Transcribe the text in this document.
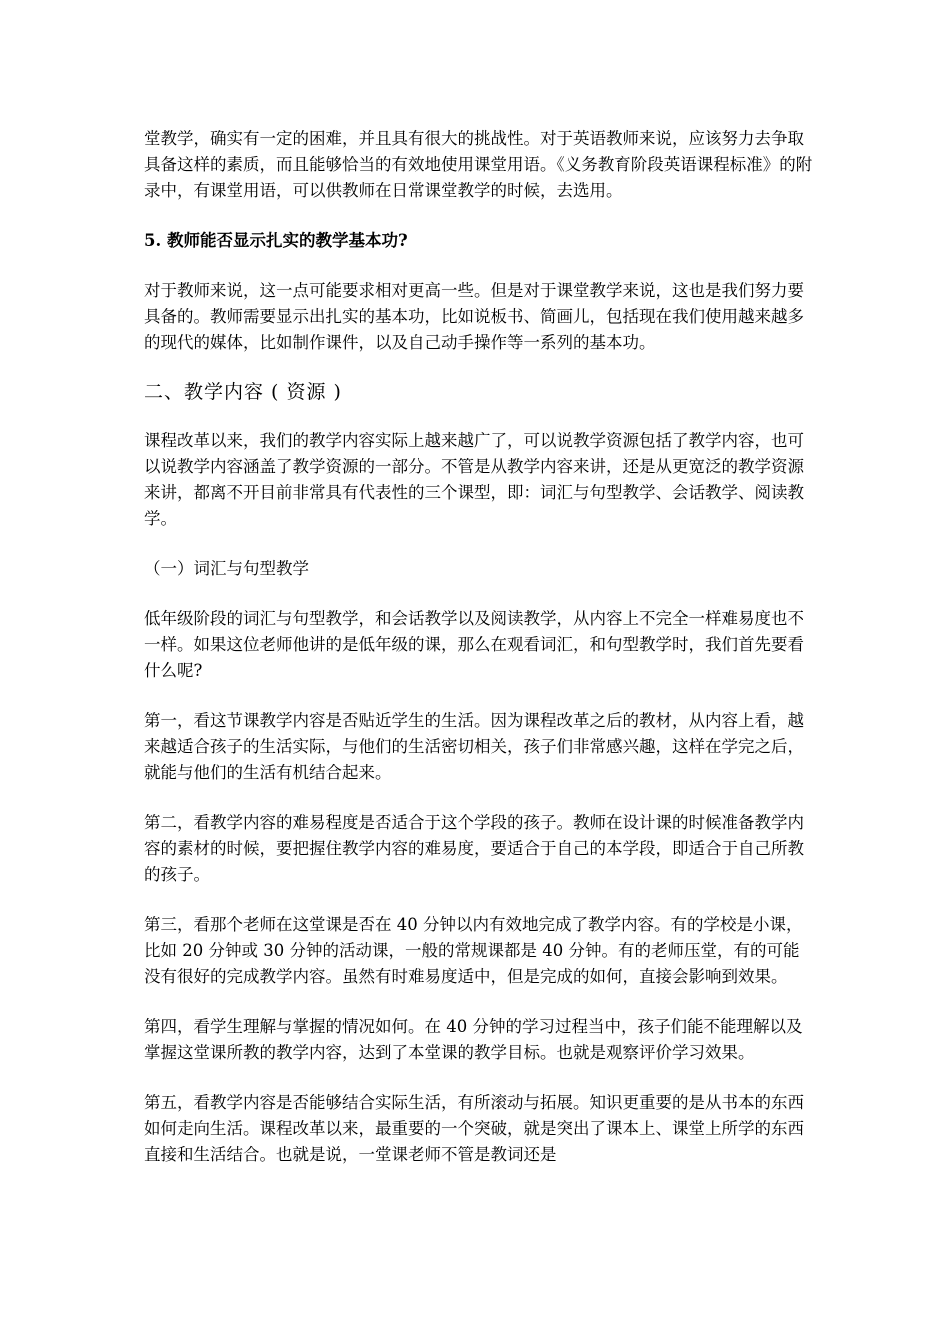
堂教学，确实有一定的困难，并且具有很大的挑战性。对于英语教师来说，应该努力去争取具备这样的素质，而且能够恰当的有效地使用课堂用语。《义务教育阶段英语课程标准》的附录中，有课堂用语，可以供教师在日常课堂教学的时候，去选用。

5. 教师能否显示扎实的教学基本功?

对于教师来说，这一点可能要求相对更高一些。但是对于课堂教学来说，这也是我们努力要具备的。教师需要显示出扎实的基本功，比如说板书、简画儿，包括现在我们使用越来越多的现代的媒体，比如制作课件，以及自己动手操作等一系列的基本功。

二、教学内容 ( 资源 )

课程改革以来，我们的教学内容实际上越来越广了，可以说教学资源包括了教学内容，也可以说教学内容涵盖了教学资源的一部分。不管是从教学内容来讲，还是从更宽泛的教学资源来讲，都离不开目前非常具有代表性的三个课型，即：词汇与句型教学、会话教学、阅读教学。

（一）词汇与句型教学

低年级阶段的词汇与句型教学，和会话教学以及阅读教学，从内容上不完全一样难易度也不一样。如果这位老师他讲的是低年级的课，那么在观看词汇，和句型教学时，我们首先要看什么呢?

第一，看这节课教学内容是否贴近学生的生活。因为课程改革之后的教材，从内容上看，越来越适合孩子的生活实际，与他们的生活密切相关，孩子们非常感兴趣，这样在学完之后，就能与他们的生活有机结合起来。

第二，看教学内容的难易程度是否适合于这个学段的孩子。教师在设计课的时候准备教学内容的素材的时候，要把握住教学内容的难易度，要适合于自己的本学段，即适合于自己所教的孩子。

第三，看那个老师在这堂课是否在 40 分钟以内有效地完成了教学内容。有的学校是小课，比如 20 分钟或 30 分钟的活动课，一般的常规课都是 40 分钟。有的老师压堂，有的可能没有很好的完成教学内容。虽然有时难易度适中，但是完成的如何，直接会影响到效果。

第四，看学生理解与掌握的情况如何。在 40 分钟的学习过程当中，孩子们能不能理解以及掌握这堂课所教的教学内容，达到了本堂课的教学目标。也就是观察评价学习效果。

第五，看教学内容是否能够结合实际生活，有所滚动与拓展。知识更重要的是从书本的东西如何走向生活。课程改革以来，最重要的一个突破，就是突出了课本上、课堂上所学的东西直接和生活结合。也就是说，一堂课老师不管是教词还是
